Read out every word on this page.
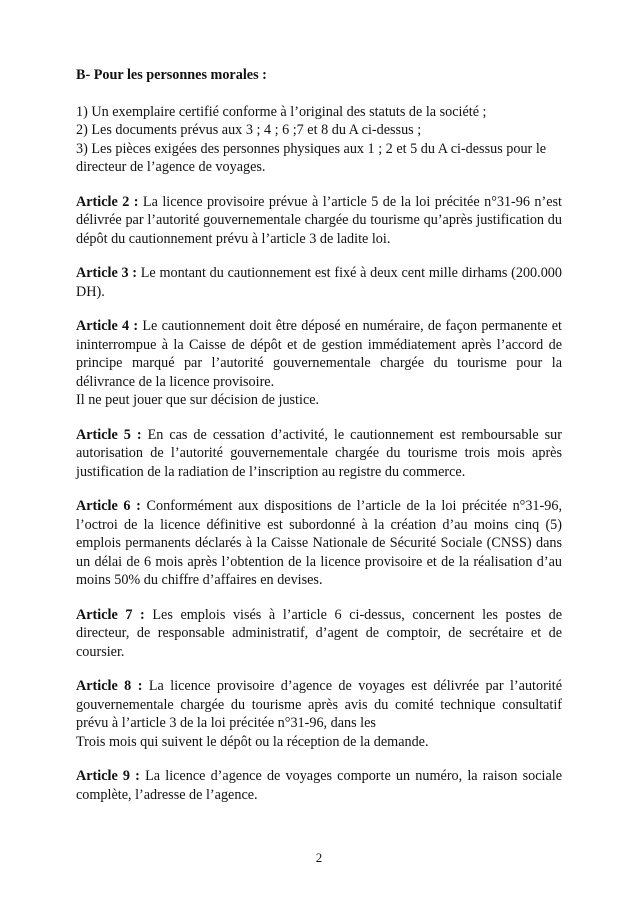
B- Pour les personnes morales :

1) Un exemplaire certifié conforme à l’original des statuts de la société ;
2) Les documents prévus aux 3 ; 4 ; 6 ;7 et 8 du A ci-dessus ;
3) Les pièces exigées des personnes physiques aux 1 ; 2 et 5 du A ci-dessus pour le directeur de l’agence de voyages.
Article 2 : La licence provisoire prévue à l’article 5 de la loi précitée n°31-96 n’est délivrée par l’autorité gouvernementale chargée du tourisme qu’après justification du dépôt du cautionnement prévu à l’article 3 de ladite loi.
Article 3 : Le montant du cautionnement est fixé à deux cent mille dirhams (200.000 DH).
Article 4 : Le cautionnement doit être déposé en numéraire, de façon permanente et ininterrompue à la Caisse de dépôt et de gestion immédiatement après l’accord de principe marqué par l’autorité gouvernementale chargée du tourisme pour la délivrance de la licence provisoire.
Il ne peut jouer que sur décision de justice.
Article 5 : En cas de cessation d’activité, le cautionnement est remboursable sur autorisation de l’autorité gouvernementale chargée du tourisme trois mois après justification de la radiation de l’inscription au registre du commerce.
Article 6 : Conformément aux dispositions de l’article de la loi précitée n°31-96, l’octroi de la licence définitive est subordonné à la création d’au moins cinq (5) emplois permanents déclarés à la Caisse Nationale de Sécurité Sociale (CNSS) dans un délai de 6 mois après l’obtention de la licence provisoire et de la réalisation d’au moins 50% du chiffre d’affaires en devises.
Article 7 : Les emplois visés à l’article 6 ci-dessus, concernent les postes de directeur, de responsable administratif, d’agent de comptoir, de secrétaire et de coursier.
Article 8 : La licence provisoire d’agence de voyages est délivrée par l’autorité gouvernementale chargée du tourisme après avis du comité technique consultatif prévu à l’article 3 de la loi précitée n°31-96, dans les
Trois mois qui suivent le dépôt ou la réception de la demande.
Article 9 : La licence d’agence de voyages comporte un numéro, la raison sociale complète, l’adresse de l’agence.
2
